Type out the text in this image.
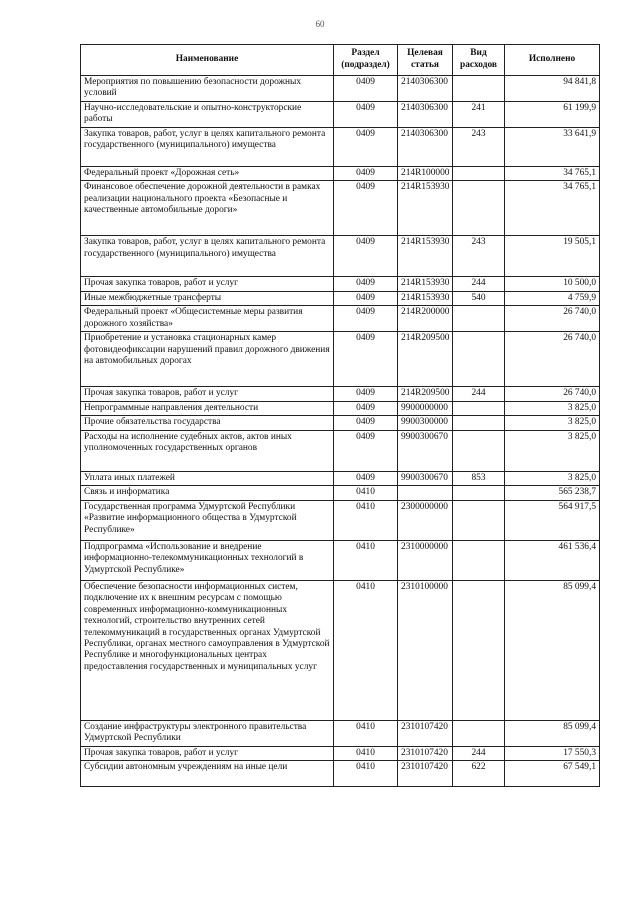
60
Наименование	Раздел (подраздел)	Целевая статья	Вид расходов	Исполнено
Мероприятия по повышению безопасности дорожных условий	0409	2140306300		94 841,8
Научно-исследовательские и опытно-конструкторские работы	0409	2140306300	241	61 199,9
Закупка товаров, работ, услуг в целях капитального ремонта государственного (муниципального) имущества	0409	2140306300	243	33 641,9
Федеральный проект «Дорожная сеть»	0409	214R100000		34 765,1
Финансовое обеспечение дорожной деятельности в рамках реализации национального проекта «Безопасные и качественные автомобильные дороги»	0409	214R153930		34 765,1
Закупка товаров, работ, услуг в целях капитального ремонта государственного (муниципального) имущества	0409	214R153930	243	19 505,1
Прочая закупка товаров, работ и услуг	0409	214R153930	244	10 500,0
Иные межбюджетные трансферты	0409	214R153930	540	4 759,9
Федеральный проект «Общесистемные меры развития дорожного хозяйства»	0409	214R200000		26 740,0
Приобретение и установка стационарных камер фотовидеофиксации нарушений правил дорожного движения на автомобильных дорогах	0409	214R209500		26 740,0
Прочая закупка товаров, работ и услуг	0409	214R209500	244	26 740,0
Непрограммные направления деятельности	0409	9900000000		3 825,0
Прочие обязательства государства	0409	9900300000		3 825,0
Расходы на исполнение судебных актов, актов иных уполномоченных государственных органов	0409	9900300670		3 825,0
Уплата иных платежей	0409	9900300670	853	3 825,0
Связь и информатика	0410			565 238,7
Государственная программа Удмуртской Республики «Развитие информационного общества в Удмуртской Республике»	0410	2300000000		564 917,5
Подпрограмма «Использование и внедрение информационно-телекоммуникационных технологий в Удмуртской Республике»	0410	2310000000		461 536,4
Обеспечение безопасности информационных систем, подключение их к внешним ресурсам с помощью современных информационно-коммуникационных технологий, строительство внутренних сетей телекоммуникаций в государственных органах Удмуртской Республики, органах местного самоуправления в Удмуртской Республике и многофункциональных центрах предоставления государственных и муниципальных услуг	0410	2310100000		85 099,4
Создание инфраструктуры электронного правительства Удмуртской Республики	0410	2310107420		85 099,4
Прочая закупка товаров, работ и услуг	0410	2310107420	244	17 550,3
Субсидии автономным учреждениям на иные цели	0410	2310107420	622	67 549,1
